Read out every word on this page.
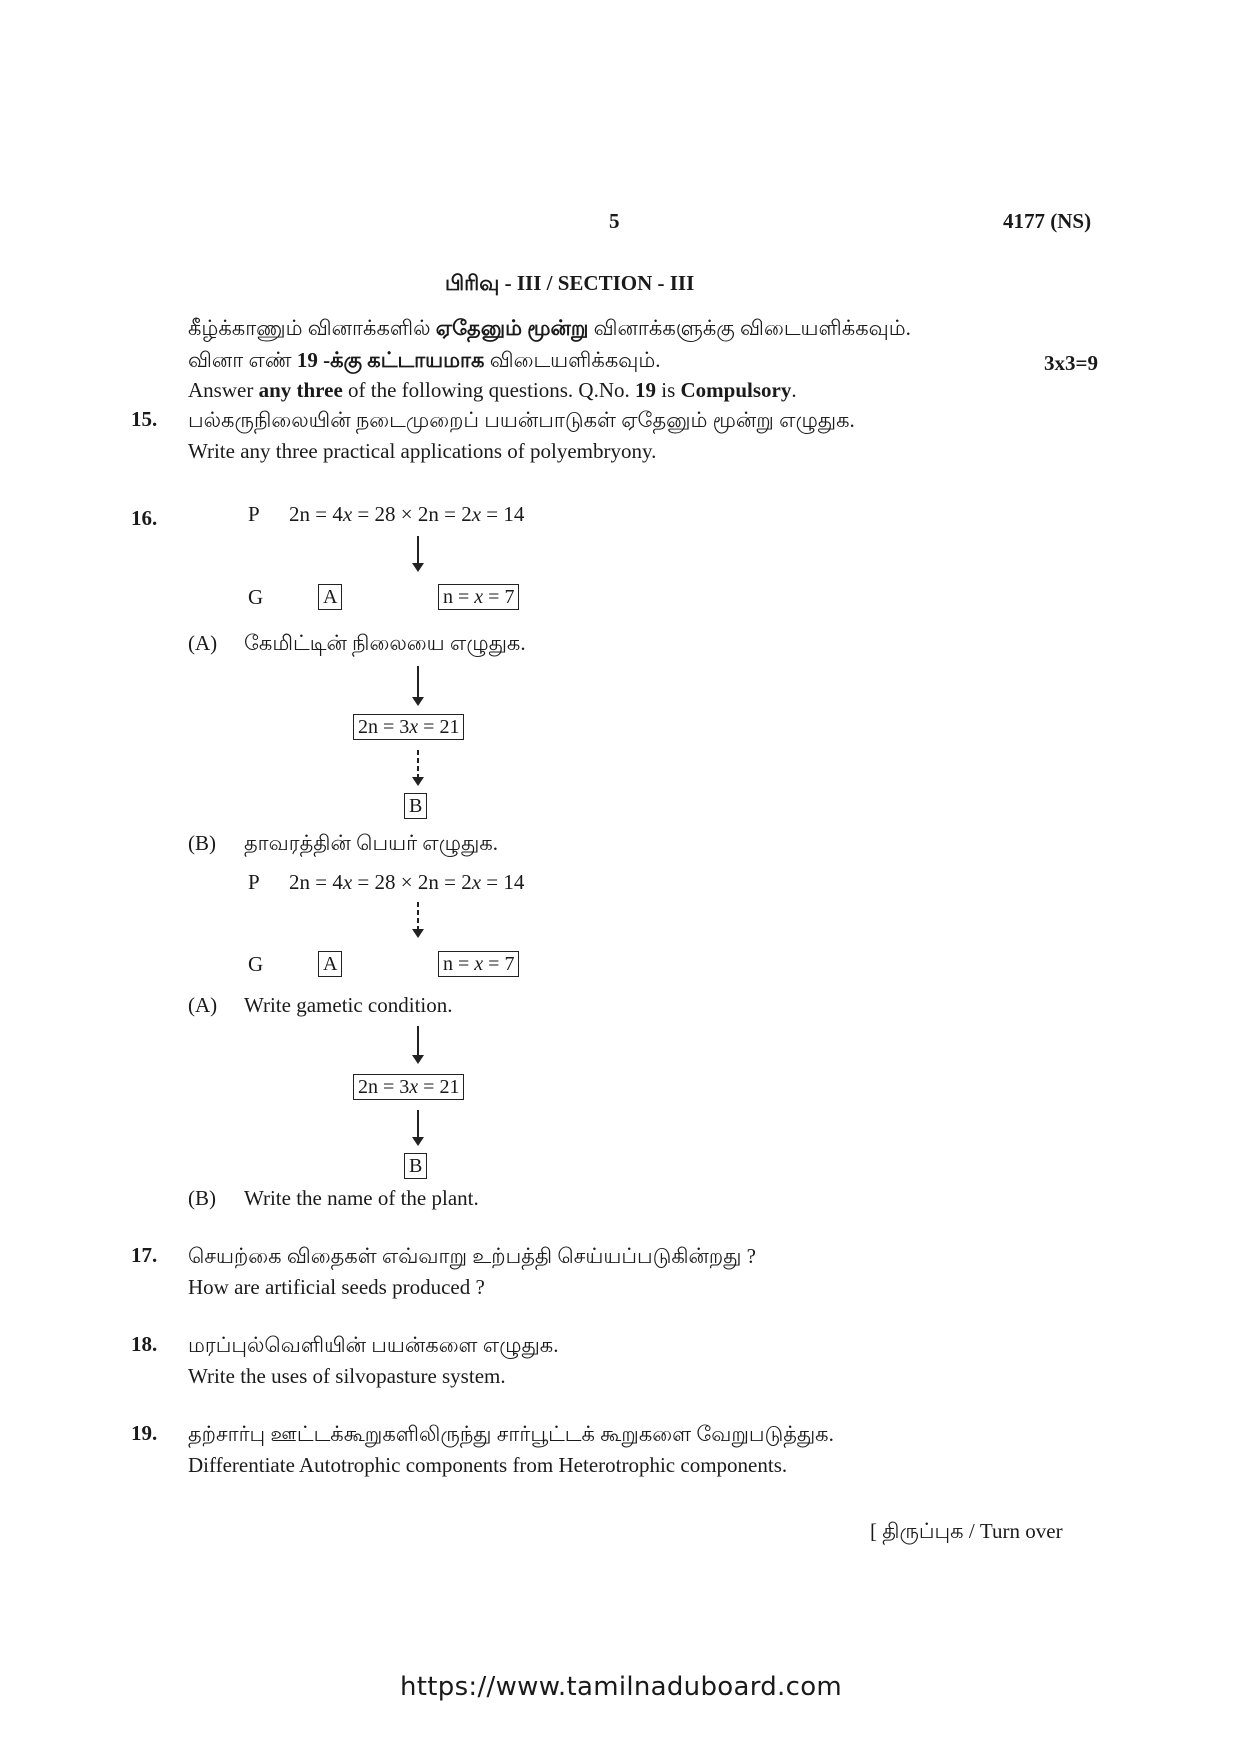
5	4177 (NS)
பிரிவு - III / SECTION - III
கீழ்க்காணும் வினாக்களில் ஏதேனும் மூன்று வினாக்களுக்கு விடையளிக்கவும்.
வினா எண் 19 -க்கு கட்டாயமாக விடையளிக்கவும்.	3x3=9
Answer any three of the following questions. Q.No. 19 is Compulsory.
15. பல்கருநிலையின் நடைமுறைப் பயன்பாடுகள் ஏதேனும் மூன்று எழுதுக.
Write any three practical applications of polyembryony.
16.	P 2n = 4x = 28 × 2n = 2x = 14
G	A	n = x = 7
(A) கேமிட்டின் நிலையை எழுதுக.
2n = 3x = 21
B
(B) தாவரத்தின் பெயர் எழுதுக.
P 2n = 4x = 28 × 2n = 2x = 14
G	A	n = x = 7
(A) Write gametic condition.
2n = 3x = 21
B
(B) Write the name of the plant.
17. செயற்கை விதைகள் எவ்வாறு உற்பத்தி செய்யப்படுகின்றது ?
How are artificial seeds produced ?
18. மரப்புல்வெளியின் பயன்களை எழுதுக.
Write the uses of silvopasture system.
19. தற்சார்பு ஊட்டக்கூறுகளிலிருந்து சார்பூட்டக் கூறுகளை வேறுபடுத்துக.
Differentiate Autotrophic components from Heterotrophic components.
[ திருப்புக / Turn over
https://www.tamilnaduboard.com
